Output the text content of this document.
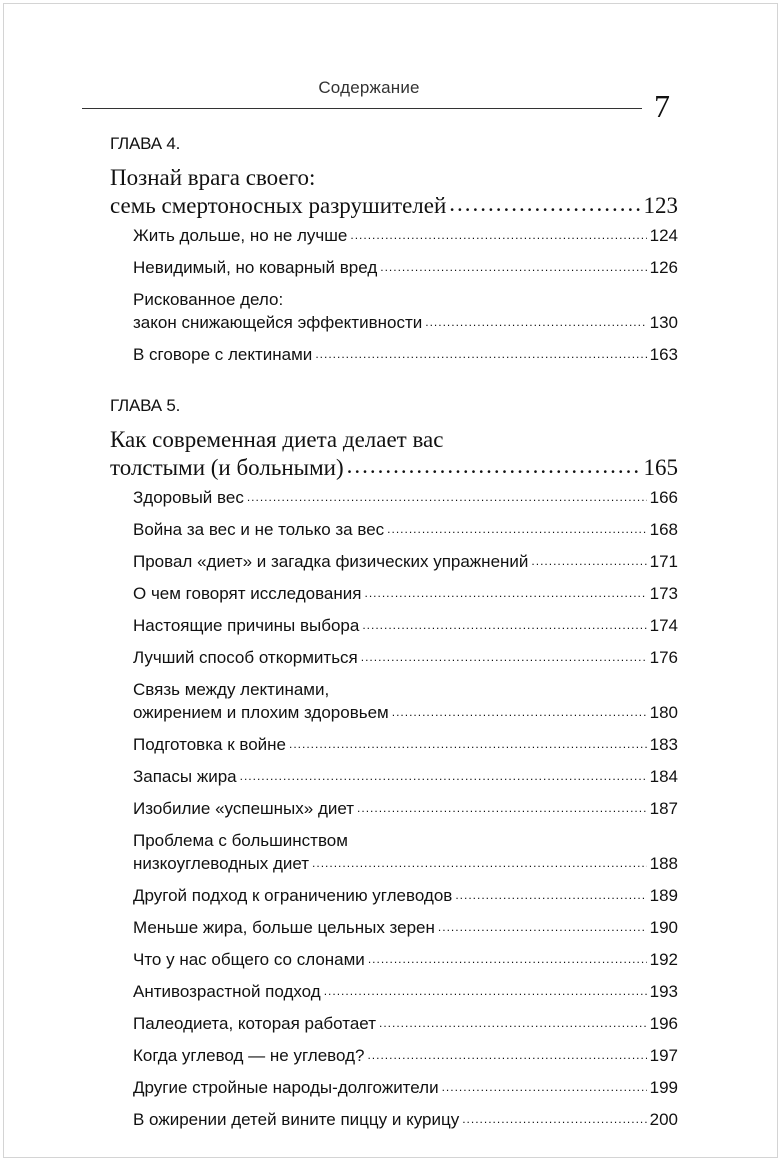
Содержание
7
ГЛАВА 4.
Познай врага своего:
семь смертоносных разрушителей .....	123
Жить дольше, но не лучше .....	124
Невидимый, но коварный вред .....	126
Рискованное дело:
закон снижающейся эффективности .....	130
В сговоре с лектинами .....	163
ГЛАВА 5.
Как современная диета делает вас
толстыми (и больными) .....	165
Здоровый вес .....	166
Война за вес и не только за вес .....	168
Провал «диет» и загадка физических упражнений .....	171
О чем говорят исследования .....	173
Настоящие причины выбора .....	174
Лучший способ откормиться .....	176
Связь между лектинами,
ожирением и плохим здоровьем .....	180
Подготовка к войне .....	183
Запасы жира .....	184
Изобилие «успешных» диет .....	187
Проблема с большинством
низкоуглеводных диет .....	188
Другой подход к ограничению углеводов .....	189
Меньше жира, больше цельных зерен .....	190
Что у нас общего со слонами .....	192
Антивозрастной подход .....	193
Палеодиета, которая работает .....	196
Когда углевод — не углевод? .....	197
Другие стройные народы-долгожители .....	199
В ожирении детей вините пиццу и курицу .....	200
